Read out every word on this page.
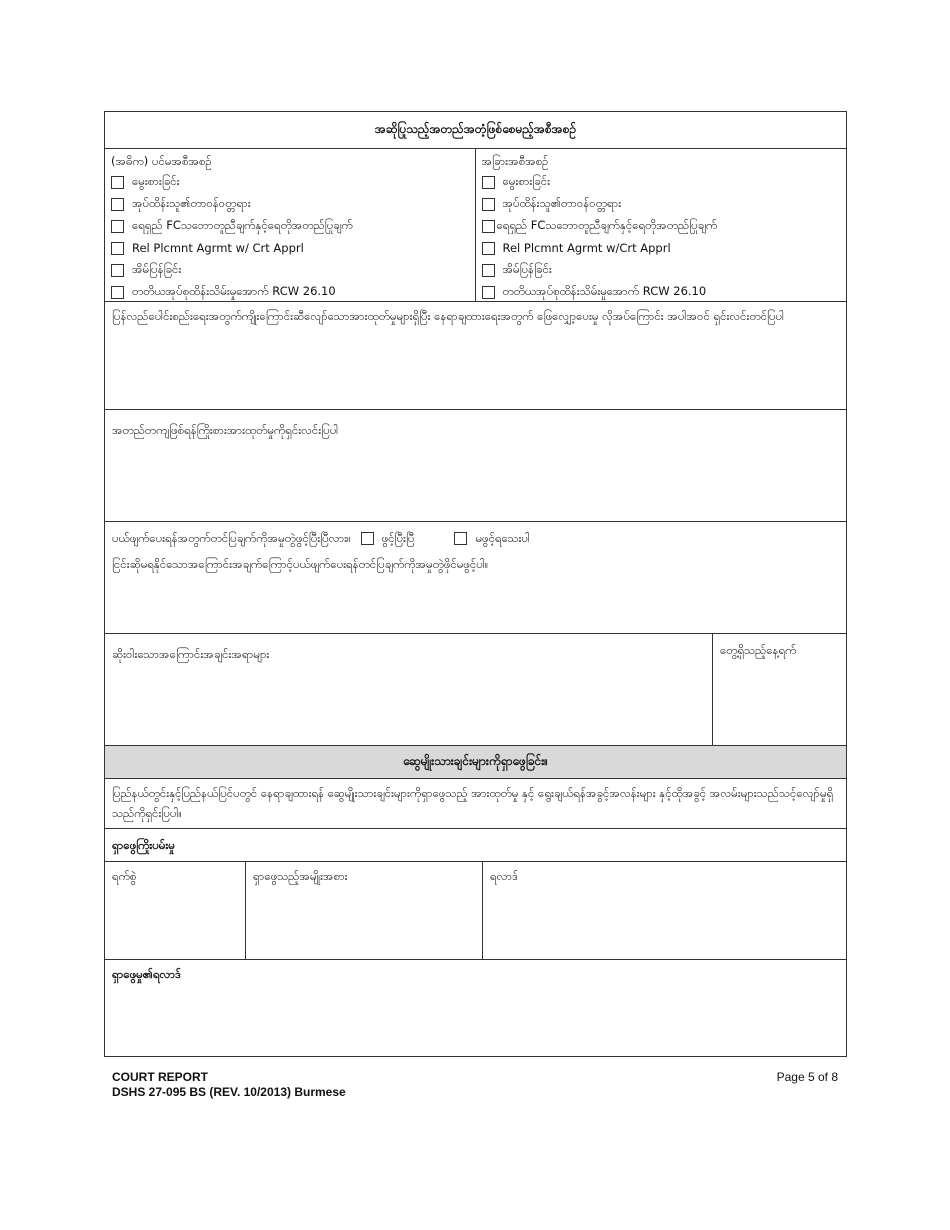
အဆိုပြုသည့်အတည်အတံ့ဖြစ်စေမည့်အစီအစဉ်
(အဓိက) ပင်မအစီအစဉ်
မွေးစားခြင်း
အုပ်ထိန်းသူ၏တာဝန်ဝတ္တရား
ရေရှည် FCသဘောတူညီချက်နှင့်ရေတိုအတည်ပြုချက်
Rel Plcmnt Agrmt w/ Crt Apprl
အိမ်ပြန်ခြင်း
တတိယအုပ်စုထိန်းသိမ်းမှုအောက် RCW 26.10
အခြားအစီအစဉ်
မွေးစားခြင်း
အုပ်ထိန်းသူ၏တာဝန်ဝတ္တရား
ရေရှည် FCသဘောတူညီချက်နှင့်ရေတိုအတည်ပြုချက်
Rel Plcmnt Agrmt w/Crt Apprl
အိမ်ပြန်ခြင်း
တတိယအုပ်စုထိန်းသိမ်းမှုအောက် RCW 26.10
ပြန်လည်ပေါင်းစည်းရေးအတွက်ကျိုးကြောင်းဆီလျော်သောအားထုတ်မှုများရှိပြီး နေရာချထားရေးအတွက် ဖြေလျှော့ပေးမှု လိုအပ်ကြောင်း အပါအဝင် ရှင်းလင်းတင်ပြပါ
အတည်တကျဖြစ်ရန်ကြိုးစားအားထုတ်မှုကိုရှင်းလင်းပြပါ
ပယ်ဖျက်ပေးရန်အတွက်တင်ပြချက်ကိုအမှုတွဲဖွင့်ပြီးပြီလား။	ဖွင့်ပြီးပြီ	မဖွင့်ရသေးပါ
ငြင်းဆိုမရနိုင်သောအကြောင်းအချက်ကြောင့်ပယ်ဖျက်ပေးရန်တင်ပြချက်ကိုအမှုတွဲဖိုင်မဖွင့်ပါ။
ဆိုးဝါးသောအကြောင်းအချင်းအရာများ	တွေ့ရှိသည့်နေ့ရက်
ဆွေမျိုးသားချင်းများကိုရှာဖွေခြင်း။
ပြည်နယ်တွင်းနှင့်ပြည်နယ်ပြင်ပတွင် နေရာချထားရန် ဆွေမျိုးသားချင်းများကိုရှာဖွေသည့် အားထုတ်မှု နှင့် ရွေးချယ်ရန်အခွင့်အလန်းများ နှင့်ထိုအခွင့် အလမ်းများသည်သင့်လျော်မှုရှိသည်ကိုရှင်းပြပါ။
ရှာဖွေကြိုးပမ်းမှု
ရက်စွဲ	ရှာဖွေသည့်အမျိုးအစား	ရလာဒ်
ရှာဖွေမှု၏ရလာဒ်
COURT REPORT
DSHS 27-095 BS (REV. 10/2013) Burmese
Page 5 of 8
